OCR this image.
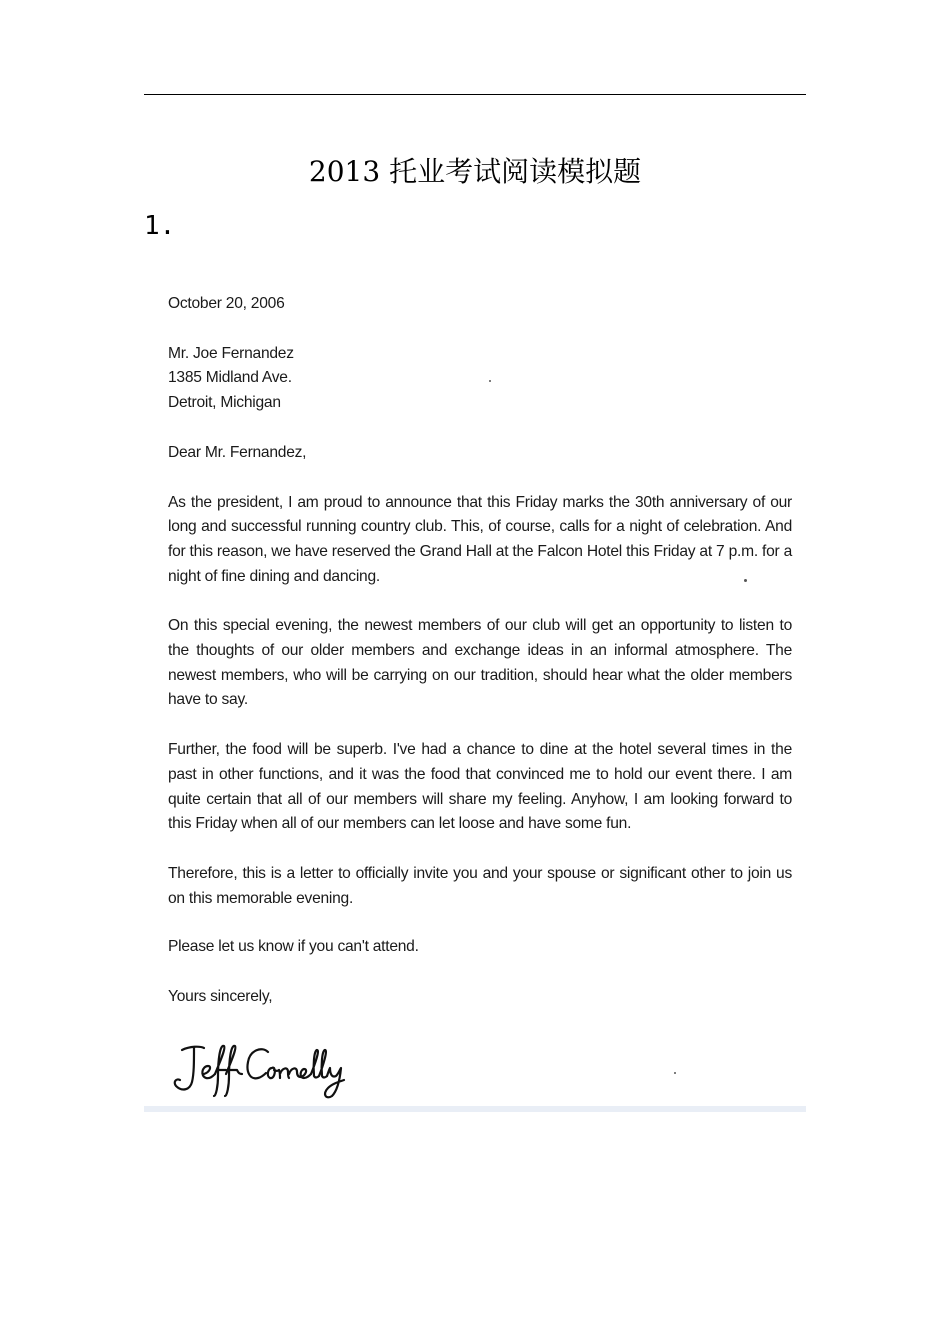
2013 托业考试阅读模拟题
1.

October 20, 2006

Mr. Joe Fernandez

1385 Midland Ave.

Detroit, Michigan

Dear Mr. Fernandez,

As the president, I am proud to announce that this Friday marks the 30th anniversary of our long and successful running country club. This, of course, calls for a night of celebration. And for this reason, we have reserved the Grand Hall at the Falcon Hotel this Friday at 7 p.m. for a night of fine dining and dancing.

On this special evening, the newest members of our club will get an opportunity to listen to the thoughts of our older members and exchange ideas in an informal atmosphere. The newest members, who will be carrying on our tradition, should hear what the older members have to say.

Further, the food will be superb. I've had a chance to dine at the hotel several times in the past in other functions, and it was the food that convinced me to hold our event there. I am quite certain that all of our members will share my feeling. Anyhow, I am looking forward to this Friday when all of our members can let loose and have some fun.

Therefore, this is a letter to officially invite you and your spouse or significant other to join us on this memorable evening.

Please let us know if you can't attend.

Yours sincerely,
